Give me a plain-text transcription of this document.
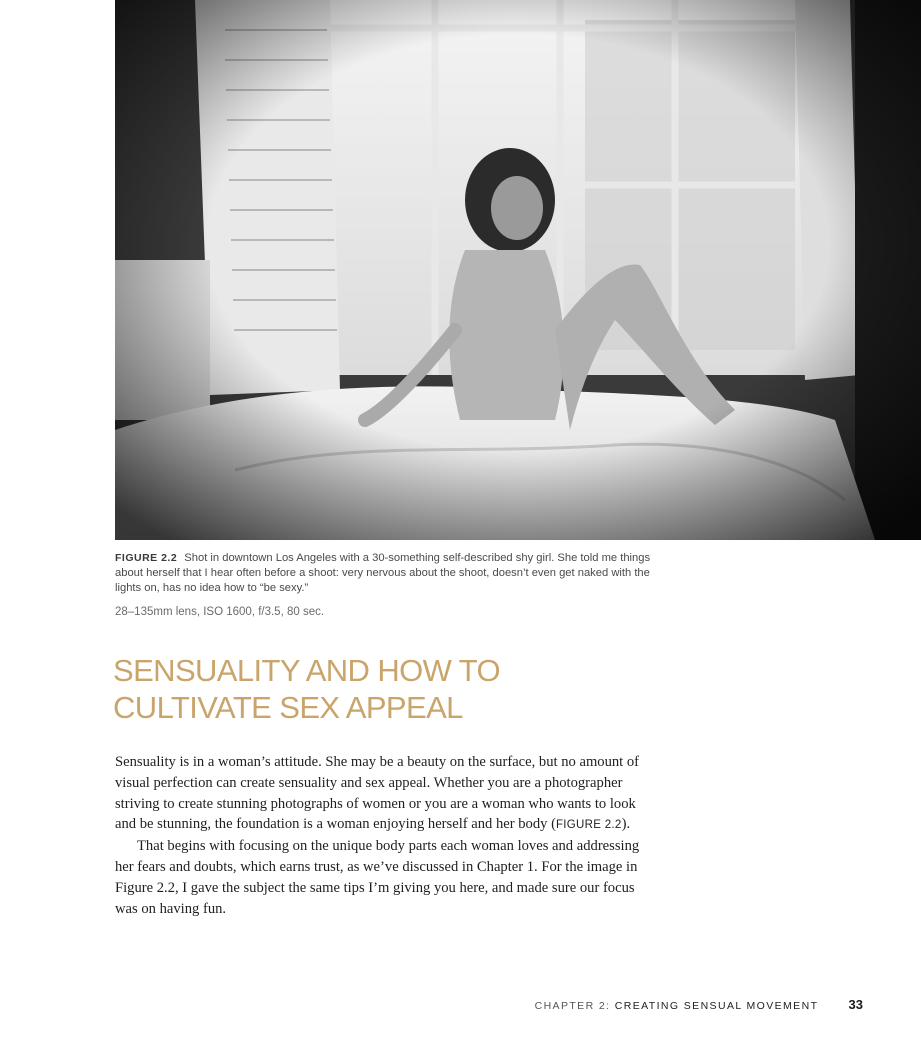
FIGURE 2.2 Shot in downtown Los Angeles with a 30-something self-described shy girl. She told me things about herself that I hear often before a shoot: very nervous about the shoot, doesn’t even get naked with the lights on, has no idea how to “be sexy.”
28–135mm lens, ISO 1600, f/3.5, 80 sec.
SENSUALITY AND HOW TO
CULTIVATE SEX APPEAL

Sensuality is in a woman’s attitude. She may be a beauty on the surface, but no amount of visual perfection can create sensuality and sex appeal. Whether you are a photographer striving to create stunning photographs of women or you are a woman who wants to look and be stunning, the foundation is a woman enjoying herself and her body (FIGURE 2.2).

That begins with focusing on the unique body parts each woman loves and addressing her fears and doubts, which earns trust, as we’ve discussed in Chapter 1. For the image in Figure 2.2, I gave the subject the same tips I’m giving you here, and made sure our focus was on having fun.

CHAPTER 2: CREATING SENSUAL MOVEMENT 33
